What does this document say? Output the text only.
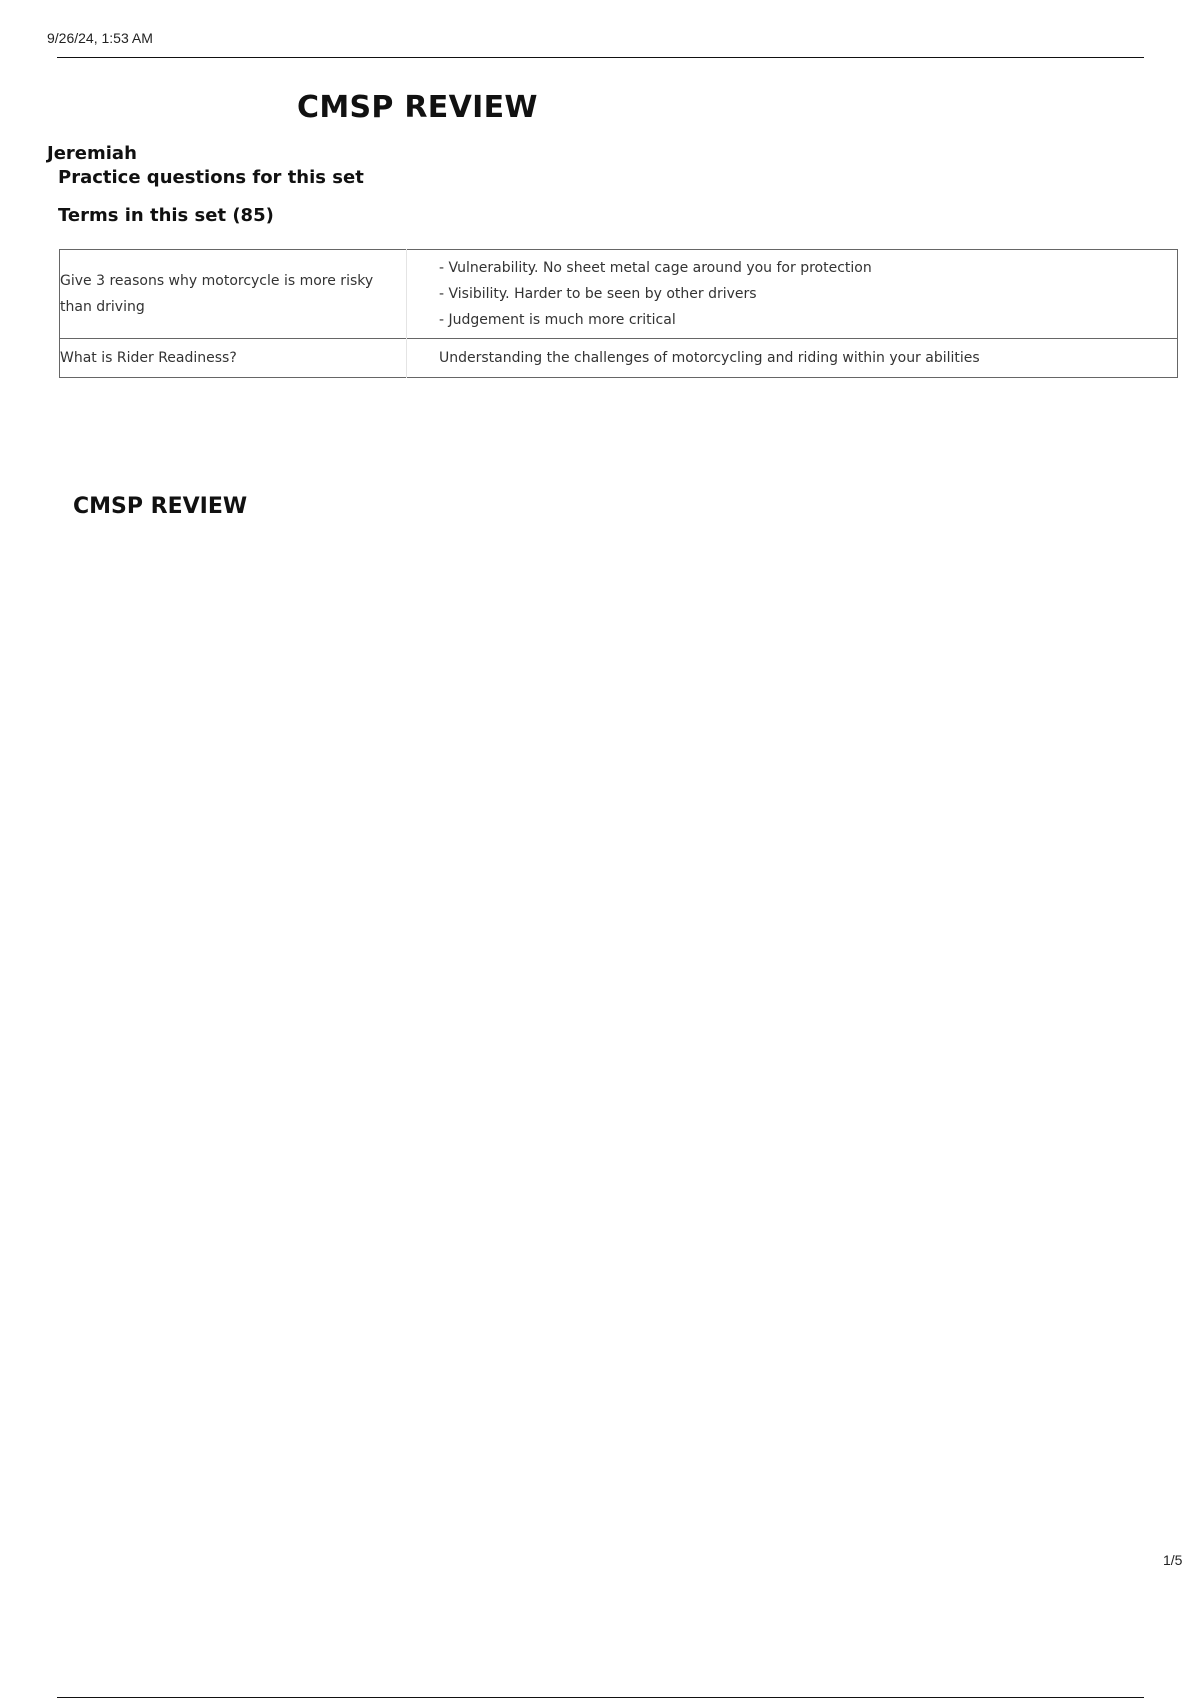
9/26/24, 1:53 AM
CMSP REVIEW
Jeremiah
Practice questions for this set
Terms in this set (85)
Give 3 reasons why motorcycle is more risky than driving	- Vulnerability. No sheet metal cage around you for protection
- Visibility. Harder to be seen by other drivers
- Judgement is much more critical

What is Rider Readiness?	Understanding the challenges of motorcycling and riding within your abilities
CMSP REVIEW
1/5
